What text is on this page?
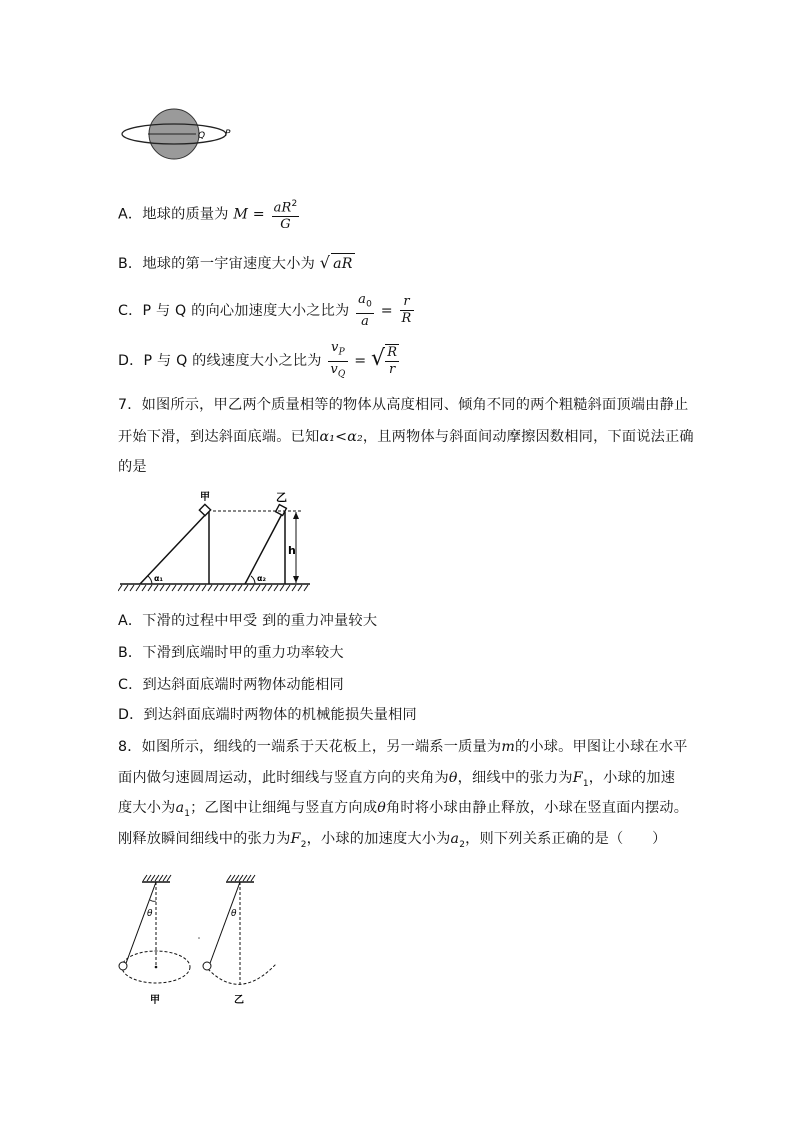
Q P
A．地球的质量为 $M = \frac{aR^2}{G}$
B．地球的第一宇宙速度大小为 √ aR
C．P 与 Q 的向心加速度大小之比为 $\frac{a_0}{a} = \frac{r}{R}$
D．P 与 Q 的线速度大小之比为 $\frac{v_P}{v_Q}$ = √ $\frac{R}{r}$
7．如图所示，甲乙两个质量相等的物体从高度相同、倾角不同的两个粗糙斜面顶端由静止
开始下滑，到达斜面底端。已知α₁<α₂，且两物体与斜面间动摩擦因数相同，下面说法正确
的是
h
甲	乙
α₁	α₂
A．下滑的过程中甲受 到的重力冲量较大
B．下滑到底端时甲的重力功率较大
C．到达斜面底端时两物体动能相同
D．到达斜面底端时两物体的机械能损失量相同
8．如图所示，细线的一端系于天花板上，另一端系一质量为m的小球。甲图让小球在水平
面内做匀速圆周运动，此时细线与竖直方向的夹角为θ，细线中的张力为$F_1$，小球的加速
度大小为$a_1$；乙图中让细绳与竖直方向成θ角时将小球由静止释放，小球在竖直面内摆动。
刚释放瞬间细线中的张力为$F_2$，小球的加速度大小为$a_2$，则下列关系正确的是（　　）
θ
甲
θ
乙
